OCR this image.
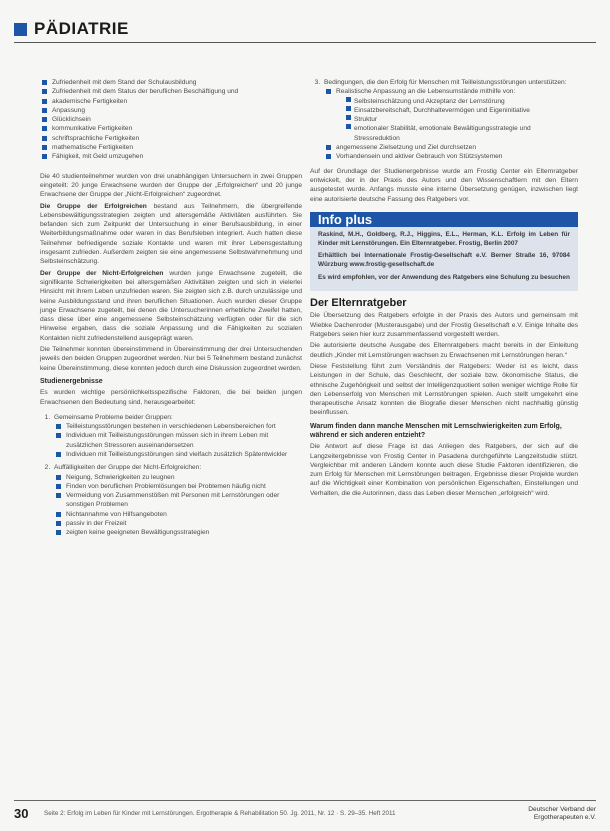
PÄDIATRIE
Zufriedenheit mit dem Stand der Schulausbildung
Zufriedenheit mit dem Status der beruflichen Beschäftigung und
akademische Fertigkeiten
Anpassung
Glücklichsein
kommunikative Fertigkeiten
schriftsprachliche Fertigkeiten
mathematische Fertigkeiten
Fähigkeit, mit Geld umzugehen

Die 40 studienteilnehmer wurden von drei unabhängigen Untersuchern in zwei Gruppen eingeteilt: 20 junge Erwachsene wurden der Gruppe der „Erfolgreichen“ und 20 junge Erwachsene der Gruppe der „Nicht-Erfolgreichen“ zugeordnet.

Die Gruppe der Erfolgreichen bestand aus Teilnehmern, die übergreifende Lebensbewältigungsstrategien zeigten und altersgemäße Aktivitäten ausführten. Sie befanden sich zum Zeitpunkt der Untersuchung in einer Berufsausbildung, in einer Weiterbildungsmaßnahme oder waren in das Berufsleben integriert. Auch hatten diese Teilnehmer befriedigende soziale Kontakte und waren mit ihrer Lebensgestaltung insgesamt zufrieden. Außerdem zeigten sie eine angemessene Selbstwahrnehmung und Selbsteinschätzung.

Der Gruppe der Nicht-Erfolgreichen wurden junge Erwachsene zugeteilt, die signifikante Schwierigkeiten bei altersgemäßen Aktivitäten zeigten und sich in vielerlei Hinsicht mit ihrem Leben unzufrieden waren. Sie zeigten sich z.B. durch unzulässige und keine Ausbildungsstand und ihren beruflichen Situationen. Auch wurden dieser Gruppe junge Erwachsene zugeteilt, bei denen die Untersucherinnen erhebliche Zweifel hatten, dass diese über eine angemessene Selbsteinschätzung verfügten oder für die sich Hinweise ergaben, dass die soziale Anpassung und die Fähigkeiten zu sozialen Kontakten nicht zufriedenstellend ausgeprägt waren.

Die Teilnehmer konnten übereinstimmend in Übereinstimmung der drei Untersuchenden jeweils den beiden Gruppen zugeordnet werden. Nur bei 5 Teilnehmern bestand zunächst keine Übereinstimmung, diese konnten jedoch durch eine Diskussion zugeordnet werden.

Studienergebnisse

Es wurden wichtige persönlichkeitsspezifische Faktoren, die bei beiden jungen Erwachsenen den Bedeutung sind, herausgearbeitet:

1. Gemeinsame Probleme beider Gruppen:
Teilleistungsstörungen bestehen in verschiedenen Lebensbereichen fort
Individuen mit Teilleistungsstörungen müssen sich in ihrem Leben mit zusätzlichen Stressoren auseinandersetzen
Individuen mit Teilleistungsstörungen sind vielfach zusätzlich Spätentwickler
2. Auffälligkeiten der Gruppe der Nicht-Erfolgreichen:
Neigung, Schwierigkeiten zu leugnen
Finden von beruflichen Problemlösungen bei Problemen häufig nicht
Vermeidung von Zusammenstößen mit Personen mit Lernstörungen oder sonstigen Problemen
Nichtannahme von Hilfsangeboten
passiv in der Freizeit
zeigten keine geeigneten Bewältigungsstrategien
3. Bedingungen, die den Erfolg für Menschen mit Teilleistungsstörungen unterstützen:
Realistische Anpassung an die Lebensumstände mithilfe von:
• Selbsteinschätzung und Akzeptanz der Lernstörung
• Einsatzbereitschaft, Durchhaltevermögen und Eigeninitiative
• Struktur
• emotionaler Stabilität, emotionale Bewältigungsstrategie und Stressreduktion
angemessene Zielsetzung und Ziel durchsetzen
Vorhandensein und aktiver Gebrauch von Stützsystemen

Auf der Grundlage der Studienergebnisse wurde am Frostig Center ein Elternratgeber entwickelt, der in der Praxis des Autors und den Wissenschaftlern mit den Eltern ausgetestet wurde. Anfangs musste eine interne Übersetzung genügen, inzwischen liegt eine autorisierte deutsche Fassung des Ratgebers vor.

Info plus

Raskind, M.H., Goldberg, R.J., Higgins, E.L., Herman, K.L. Erfolg im Leben für Kinder mit Lernstörungen. Ein Elternratgeber. Frostig, Berlin 2007

Erhältlich bei Internationale Frostig-Gesellschaft e.V. Berner Straße 16, 97084 Würzburg www.frostig-gesellschaft.de

Es wird empfohlen, vor der Anwendung des Ratgebers eine Schulung zu besuchen

Der Elternratgeber

Die Übersetzung des Ratgebers erfolgte in der Praxis des Autors und gemeinsam mit Wiebke Dachenroder (Musterausgabe) und der Frostig Gesellschaft e.V. Einige Inhalte des Ratgebers seien hier kurz zusammenfassend vorgestellt werden.

Die autorisierte deutsche Ausgabe des Elternratgebers macht bereits in der Einleitung deutlich „Kinder mit Lernstörungen wachsen zu Erwachsenen mit Lernstörungen heran.“

Diese Feststellung führt zum Verständnis der Ratgebers: Weder ist es leicht, dass Leistungen in der Schule, das Geschlecht, der soziale bzw. ökonomische Status, die ethnische Zugehörigkeit und selbst der Intelligenzquotient sollen weniger wichtige Rolle für den Lebenserfolg von Menschen mit Lernstörungen spielen. Auch stellt umgekehrt eine therapeutische Ansatz konnten die Biografie dieser Menschen nicht nachhaltig günstig beeinflussen.

Warum finden dann manche Menschen mit Lernschwierigkeiten zum Erfolg, während er sich anderen entzieht?

Die Antwort auf diese Frage ist das Anliegen des Ratgebers, der sich auf die Langzeitergebnisse von Frostig Center in Pasadena durchgeführte Langzeitstudie stützt. Vergleichbar mit anderen Ländern konnte auch diese Studie Faktoren identifizieren, die zum Erfolg für Menschen mit Lernstörungen beitragen. Ergebnisse dieser Projekte wurden auf die Wichtigkeit einer Kombination von persönlichen Eigenschaften, Einstellungen und Verhalten, die die Autorinnen, dass das Leben dieser Menschen „erfolgreich“ wird.

30 Seite 2: Erfolg im Leben für Kinder mit Lernstörungen. Ergotherapie & Rehabilitation 50. Jg. 2011, Nr. 12 · S. 29–35. Heft 2011
Deutscher Verband der
Ergotherapeuten e.V.
